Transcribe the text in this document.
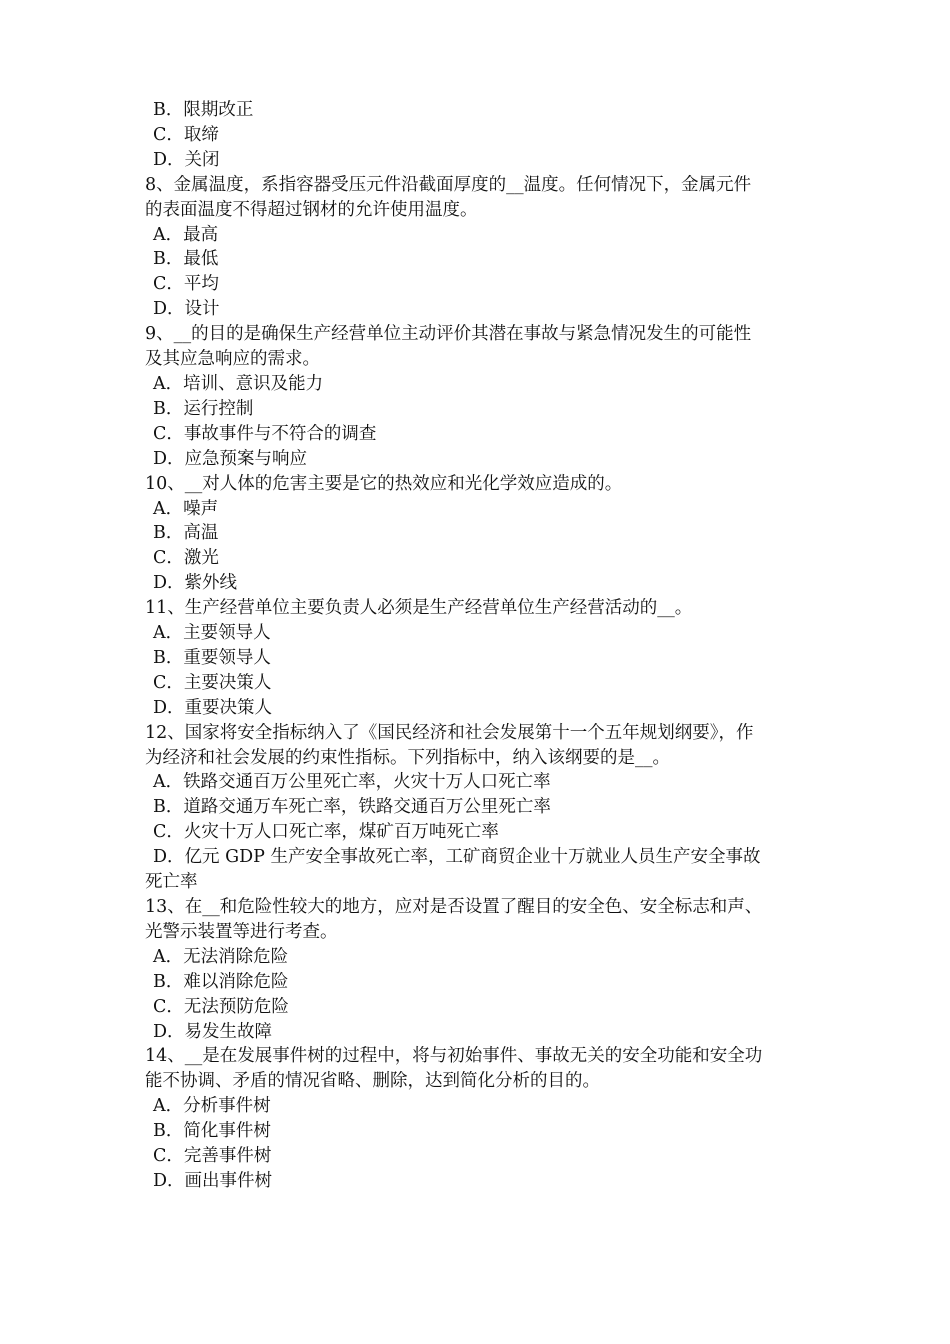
B．限期改正
C．取缔
D．关闭
8、金属温度，系指容器受压元件沿截面厚度的__温度。任何情况下，金属元件
的表面温度不得超过钢材的允许使用温度。
A．最高
B．最低
C．平均
D．设计
9、__的目的是确保生产经营单位主动评价其潜在事故与紧急情况发生的可能性
及其应急响应的需求。
A．培训、意识及能力
B．运行控制
C．事故事件与不符合的调查
D．应急预案与响应
10、__对人体的危害主要是它的热效应和光化学效应造成的。
A．噪声
B．高温
C．激光
D．紫外线
11、生产经营单位主要负责人必须是生产经营单位生产经营活动的__。
A．主要领导人
B．重要领导人
C．主要决策人
D．重要决策人
12、国家将安全指标纳入了《国民经济和社会发展第十一个五年规划纲要》，作
为经济和社会发展的约束性指标。下列指标中，纳入该纲要的是__。
A．铁路交通百万公里死亡率，火灾十万人口死亡率
B．道路交通万车死亡率，铁路交通百万公里死亡率
C．火灾十万人口死亡率，煤矿百万吨死亡率
D．亿元 GDP 生产安全事故死亡率，工矿商贸企业十万就业人员生产安全事故
死亡率
13、在__和危险性较大的地方，应对是否设置了醒目的安全色、安全标志和声、
光警示装置等进行考查。
A．无法消除危险
B．难以消除危险
C．无法预防危险
D．易发生故障
14、__是在发展事件树的过程中，将与初始事件、事故无关的安全功能和安全功
能不协调、矛盾的情况省略、删除，达到简化分析的目的。
A．分析事件树
B．简化事件树
C．完善事件树
D．画出事件树
